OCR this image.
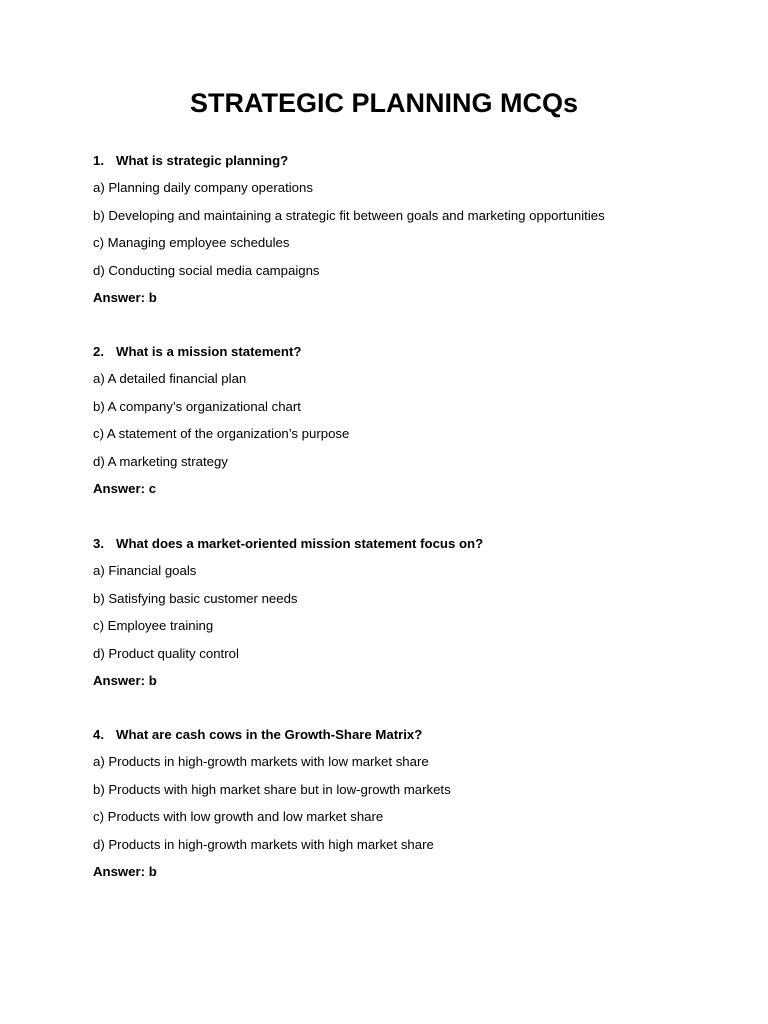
STRATEGIC PLANNING MCQs
1. What is strategic planning?
a) Planning daily company operations
b) Developing and maintaining a strategic fit between goals and marketing opportunities
c) Managing employee schedules
d) Conducting social media campaigns
Answer: b
2. What is a mission statement?
a) A detailed financial plan
b) A company’s organizational chart
c) A statement of the organization’s purpose
d) A marketing strategy
Answer: c
3. What does a market-oriented mission statement focus on?
a) Financial goals
b) Satisfying basic customer needs
c) Employee training
d) Product quality control
Answer: b
4. What are cash cows in the Growth-Share Matrix?
a) Products in high-growth markets with low market share
b) Products with high market share but in low-growth markets
c) Products with low growth and low market share
d) Products in high-growth markets with high market share
Answer: b
